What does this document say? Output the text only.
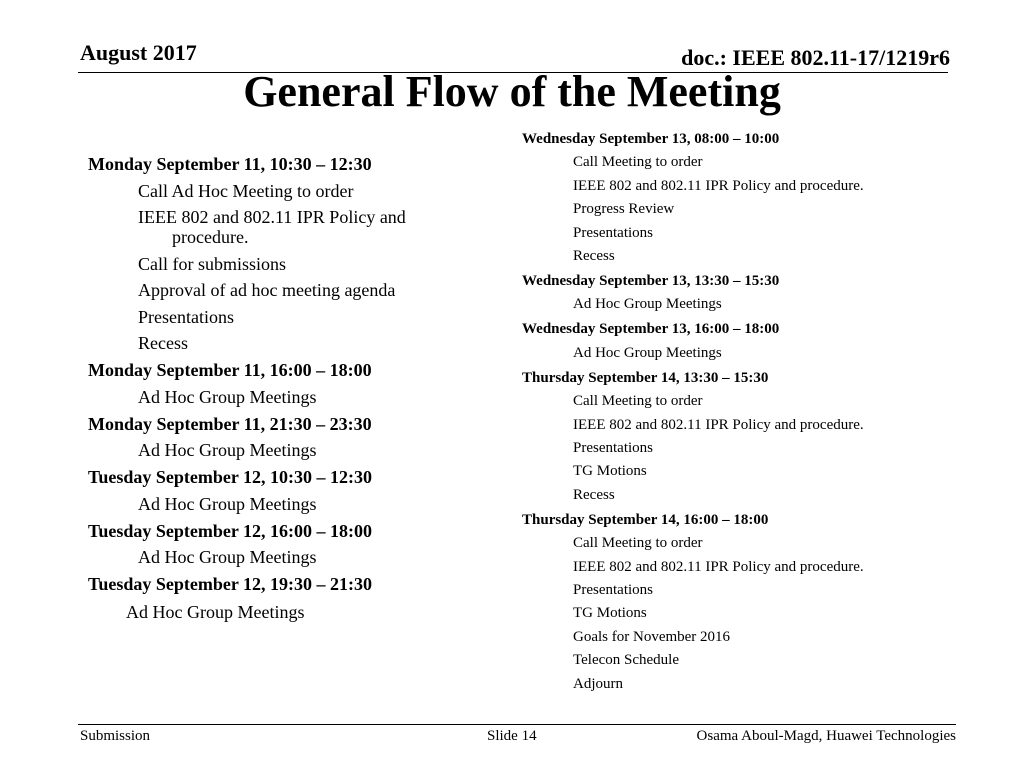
August 2017	doc.: IEEE 802.11-17/1219r6
General Flow of the Meeting
Monday September 11, 10:30 – 12:30
Call Ad Hoc Meeting to order
IEEE 802 and 802.11 IPR Policy and
procedure.
Call for submissions
Approval of ad hoc meeting agenda
Presentations
Recess
Monday September 11, 16:00 – 18:00
Ad Hoc Group Meetings
Monday September 11, 21:30 – 23:30
Ad Hoc Group Meetings
Tuesday September 12, 10:30 – 12:30
Ad Hoc Group Meetings
Tuesday September 12, 16:00 – 18:00
Ad Hoc Group Meetings
Tuesday September 12, 19:30 – 21:30
Ad Hoc Group Meetings
Wednesday September 13, 08:00 – 10:00
Call Meeting to order
IEEE 802 and 802.11 IPR Policy and procedure.
Progress Review
Presentations
Recess
Wednesday September 13, 13:30 – 15:30
Ad Hoc Group Meetings
Wednesday September 13, 16:00 – 18:00
Ad Hoc Group Meetings
Thursday September 14, 13:30 – 15:30
Call Meeting to order
IEEE 802 and 802.11 IPR Policy and procedure.
Presentations
TG Motions
Recess
Thursday September 14, 16:00 – 18:00
Call Meeting to order
IEEE 802 and 802.11 IPR Policy and procedure.
Presentations
TG Motions
Goals for November 2016
Telecon Schedule
Adjourn
Submission	Slide 14	Osama Aboul-Magd, Huawei Technologies
